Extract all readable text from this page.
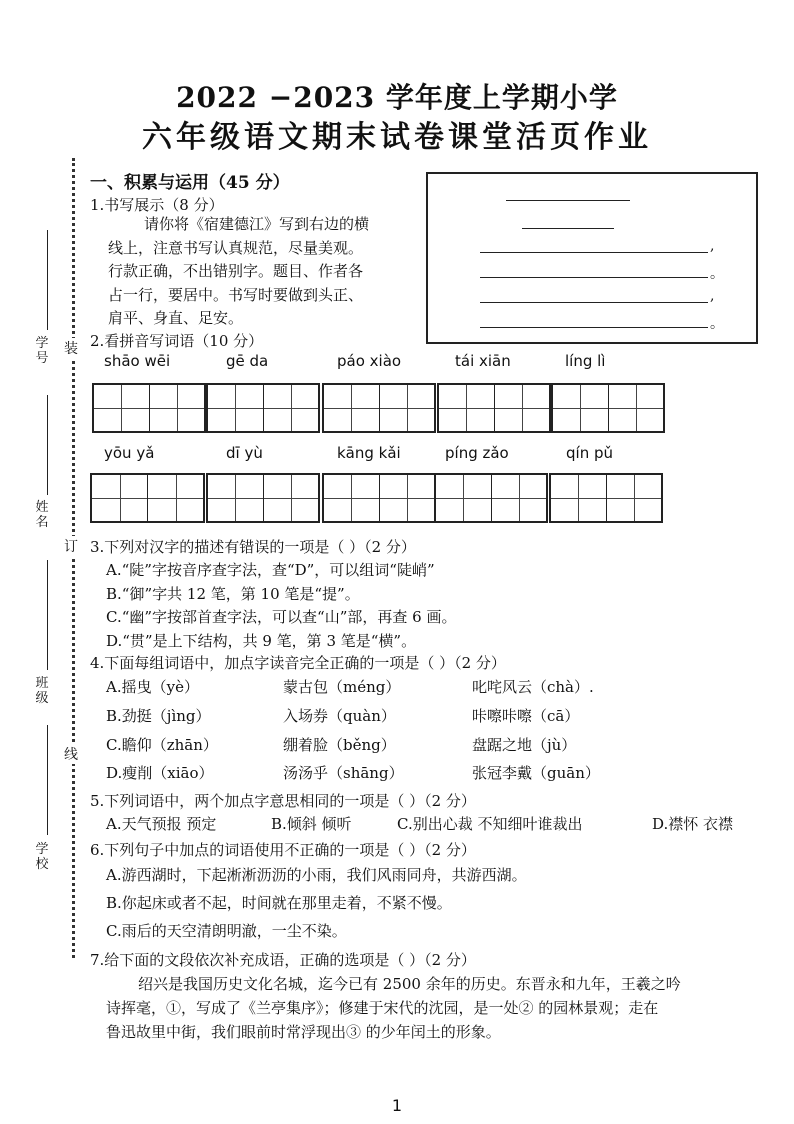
2022 −2023 学年度上学期小学
六年级语文期末试卷课堂活页作业
学号
姓名
班级
学校
装
订
线
一、积累与运用（45 分）
1.书写展示（8 分）
请你将《宿建德江》写到右边的横
线上，注意书写认真规范，尽量美观。
行款正确，不出错别字。题目、作者各
占一行，要居中。书写时要做到头正、
肩平、身直、足安。
,
。
,
。
2.看拼音写词语（10 分）
shāo wēi	gē da	páo xiào	tái xiān	líng lì
yōu yǎ	dī yù	kāng kǎi	píng zǎo	qín pǔ
3.下列对汉字的描述有错误的一项是（ ）（2 分）
A.“陡”字按音序查字法，查“D”，可以组词“陡峭”
B.“御”字共 12 笔，第 10 笔是“提”。
C.“幽”字按部首查字法，可以查“山”部，再查 6 画。
D.“贯”是上下结构，共 9 笔，第 3 笔是“横”。
4.下面每组词语中，加点字读音完全正确的一项是（ ）（2 分）
A.摇曳（yè）	蒙古包（méng）	叱咤风云（chà）.
B.劲挺（jìng）	入场券（quàn）	咔嚓咔嚓（cā）
C.瞻仰（zhān）	绷着脸（běng）	盘踞之地（jù）
D.瘦削（xiāo）	汤汤乎（shāng）	张冠李戴（guān）
5.下列词语中，两个加点字意思相同的一项是（ ）（2 分）
A.天气预报 预定	B.倾斜 倾听	C.别出心裁 不知细叶谁裁出	D.襟怀 衣襟
6.下列句子中加点的词语使用不正确的一项是（ ）（2 分）
A.游西湖时，下起淅淅沥沥的小雨，我们风雨同舟，共游西湖。
B.你起床或者不起，时间就在那里走着，不紧不慢。
C.雨后的天空清朗明澈，一尘不染。
7.给下面的文段依次补充成语，正确的选项是（ ）（2 分）
绍兴是我国历史文化名城，迄今已有 2500 余年的历史。东晋永和九年，王羲之吟
诗挥毫，①，写成了《兰亭集序》；修建于宋代的沈园，是一处② 的园林景观；走在
鲁迅故里中街，我们眼前时常浮现出③ 的少年闰土的形象。
1
